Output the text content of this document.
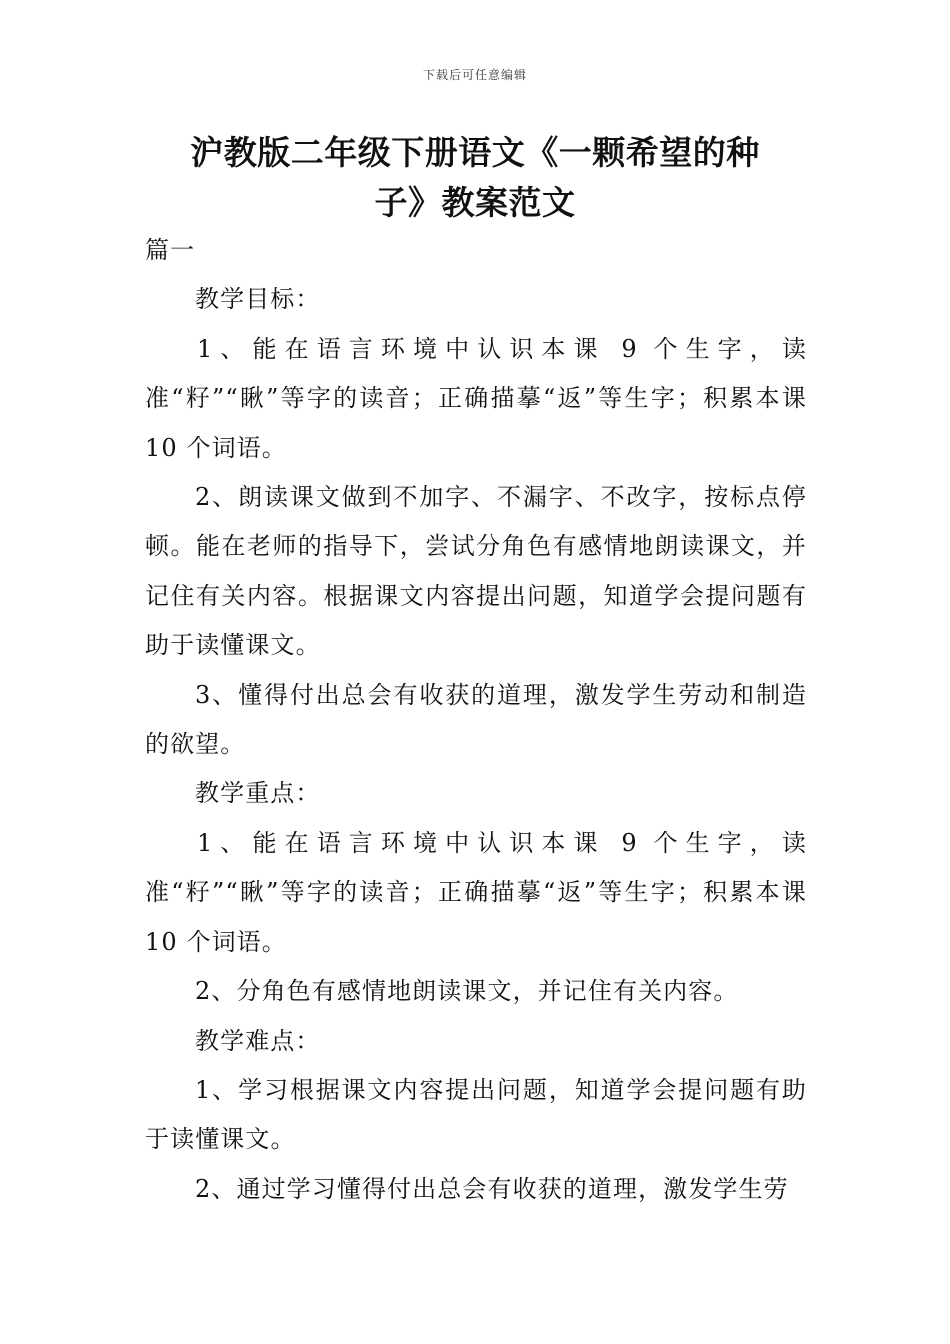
下载后可任意编辑
沪教版二年级下册语文《一颗希望的种
子》教案范文

篇一

教学目标：

1、能在语言环境中认识本课 9 个生字，读准“籽”“瞅”等字的读音；正确描摹“返”等生字；积累本课 10 个词语。

2、朗读课文做到不加字、不漏字、不改字，按标点停顿。能在老师的指导下，尝试分角色有感情地朗读课文，并记住有关内容。根据课文内容提出问题，知道学会提问题有助于读懂课文。

3、懂得付出总会有收获的道理，激发学生劳动和制造的欲望。

教学重点：

1、能在语言环境中认识本课 9 个生字，读准“籽”“瞅”等字的读音；正确描摹“返”等生字；积累本课 10 个词语。

2、分角色有感情地朗读课文，并记住有关内容。

教学难点：

1、学习根据课文内容提出问题，知道学会提问题有助于读懂课文。

2、通过学习懂得付出总会有收获的道理，激发学生劳
